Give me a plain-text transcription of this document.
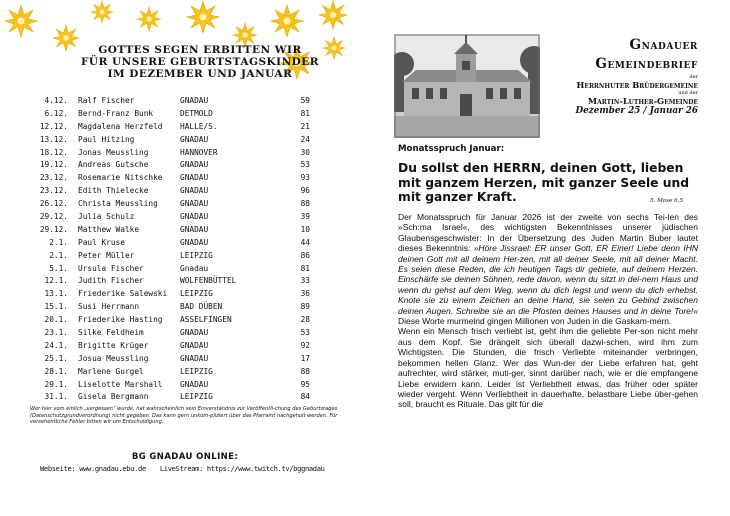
GOTTES SEGEN ERBITTEN WIR
FÜR UNSERE GEBURTSTAGSKINDER
IM DEZEMBER UND JANUAR
4.12.	Ralf Fischer	GNADAU	59
6.12.	Bernd-Franz Bunk	DETMOLD	81
12.12.	Magdalena Herzfeld	HALLE/S.	21
13.12.	Paul Hitzing	GNADAU	24
18.12.	Jonas Meussling	HANNOVER	30
19.12.	Andreas Gutsche	GNADAU	53
23.12.	Rosemarie Nitschke	GNADAU	93
23.12.	Edith Thielecke	GNADAU	96
26.12.	Christa Meussling	GNADAU	88
29.12.	Julia Schulz	GNADAU	39
29.12.	Matthew Walke	GNADAU	10
2.1.	Paul Kruse	GNADAU	44
2.1.	Peter Müller	LEIPZIG	86
5.1.	Ursula Fischer	Gnadau	81
12.1.	Judith Fischer	WOLFENBÜTTEL	33
13.1.	Friederike Salewski	LEIPZIG	36
15.1.	Susi Herrmann	BAD DÜBEN	89
20.1.	Friederike Hasting	ASSELFINGEN	28
23.1.	Silke Feldheim	GNADAU	53
24.1.	Brigitte Krüger	GNADAU	92
25.1.	Josua Meussling	GNADAU	17
28.1.	Marlene Gurgel	LEIPZIG	88
29.1.	Liselotte Marshall	GNADAU	95
31.1.	Gisela Bergmann	LEIPZIG	84
Wer hier vom einlich „vergessen“ wurde, hat wahrscheinlich sein Einverständnis zur Veröffentli-chung des Geburtstages (Datenschutzgrundverordnung) nicht gegeben. Das kann gern unkom-pliziert über das Pfarramt nachgeholt werden. Für versehentliche Fehler bitten wir um Entschuldigung.
BG GNADAU ONLINE:
Webseite: www.gnadau.ebu.de LiveStream: https://www.twitch.tv/bggnadau
Gnadauer
Gemeindebrief
der
Herrnhuter Brüdergemeine
und der
Martin-Luther-Gemeinde
Dezember 25 / Januar 26
Monatsspruch Januar:
Du sollst den HERRN, deinen Gott, lieben mit ganzem Herzen, mit ganzer Seele und mit ganzer Kraft.	5. Mose 6,5

Der Monatsspruch für Januar 2026 ist der zweite von sechs Tei-len des »Sch:ma Israel«, des wichtigsten Bekenntnisses unserer jüdischen Glaubensgeschwister: In der Übersetzung des Juden Martin Buber lautet dieses Bekenntnis: »Höre Jissrael: ER unser Gott, ER Einer! Liebe denn IHN deinen Gott mit all deinem Her-zen, mit all deiner Seele, mit all deiner Macht. Es seien diese Reden, die ich heutigen Tags dir gebiete, auf deinem Herzen. Einschärfe sie deinen Söhnen, rede davon, wenn du sitzt in dei-nem Haus und wenn du gehst auf dem Weg, wenn du dich legst und wenn du dich erhebst. Knote sie zu einem Zeichen an deine Hand, sie seien zu Gebind zwischen deinen Augen. Schreibe sie an die Pfosten deines Hauses und in deine Tore!« Diese Worte murmelnd gingen Millionen von Juden in die Gaskam-mern.

Wenn ein Mensch frisch verliebt ist, geht ihm die geliebte Per-son nicht mehr aus dem Kopf. Sie drängelt sich überall dazwi-schen, wird ihm zum Wichtigsten. Die Stunden, die frisch Verliebte miteinander verbringen, bekommen hellen Glanz. Wer das Wun-der der Liebe erfahren hat, geht aufrechter, wird stärker, muti-ger, sinnt darüber nach, wie er die empfangene Liebe erwidern kann. Leider ist Verliebtheit etwas, das früher oder später wieder vergeht. Wenn Verliebtheit in dauerhafte, belastbare Liebe über-gehen soll, braucht es Rituale. Das gilt für die
